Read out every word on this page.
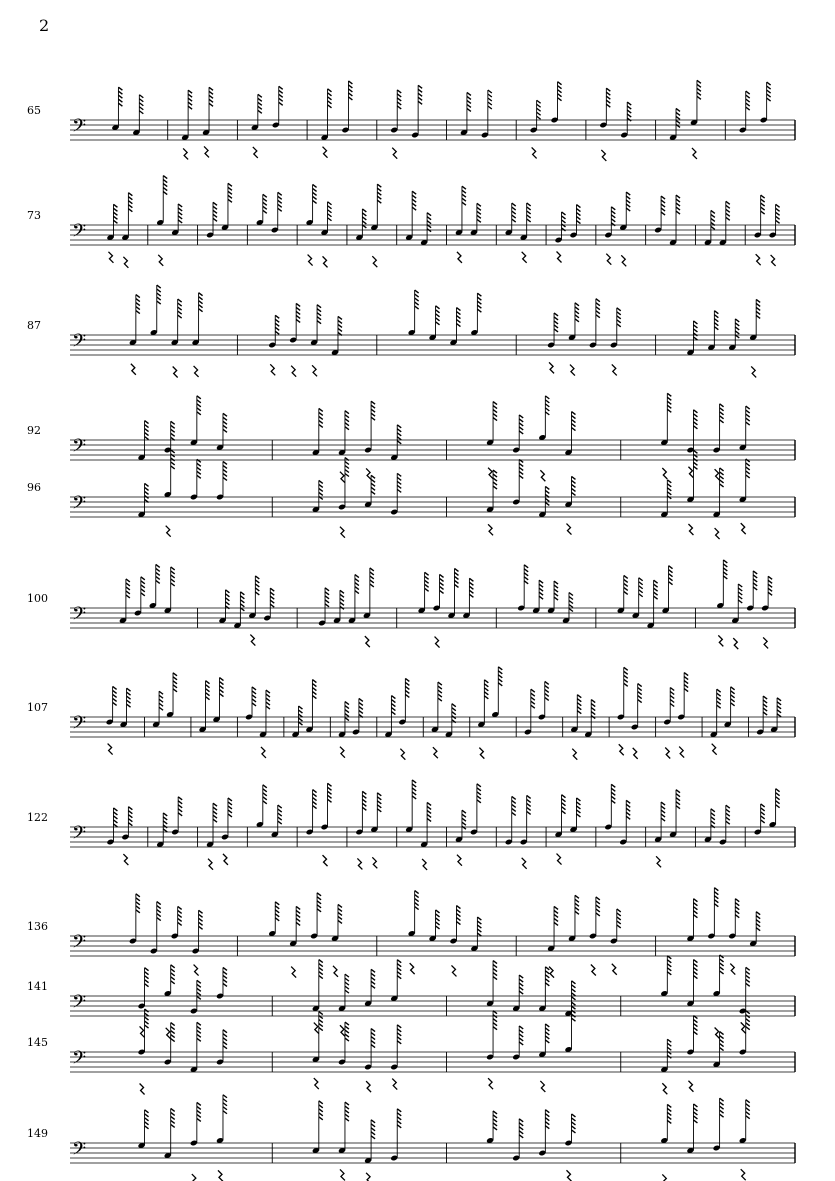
2
65
𝄢
73
𝄢
87
𝄢
92
𝄢
96
𝄢
100
𝄢
107
𝄢
122
𝄢
136
𝄢
141
𝄢
145
𝄢
149
𝄢
